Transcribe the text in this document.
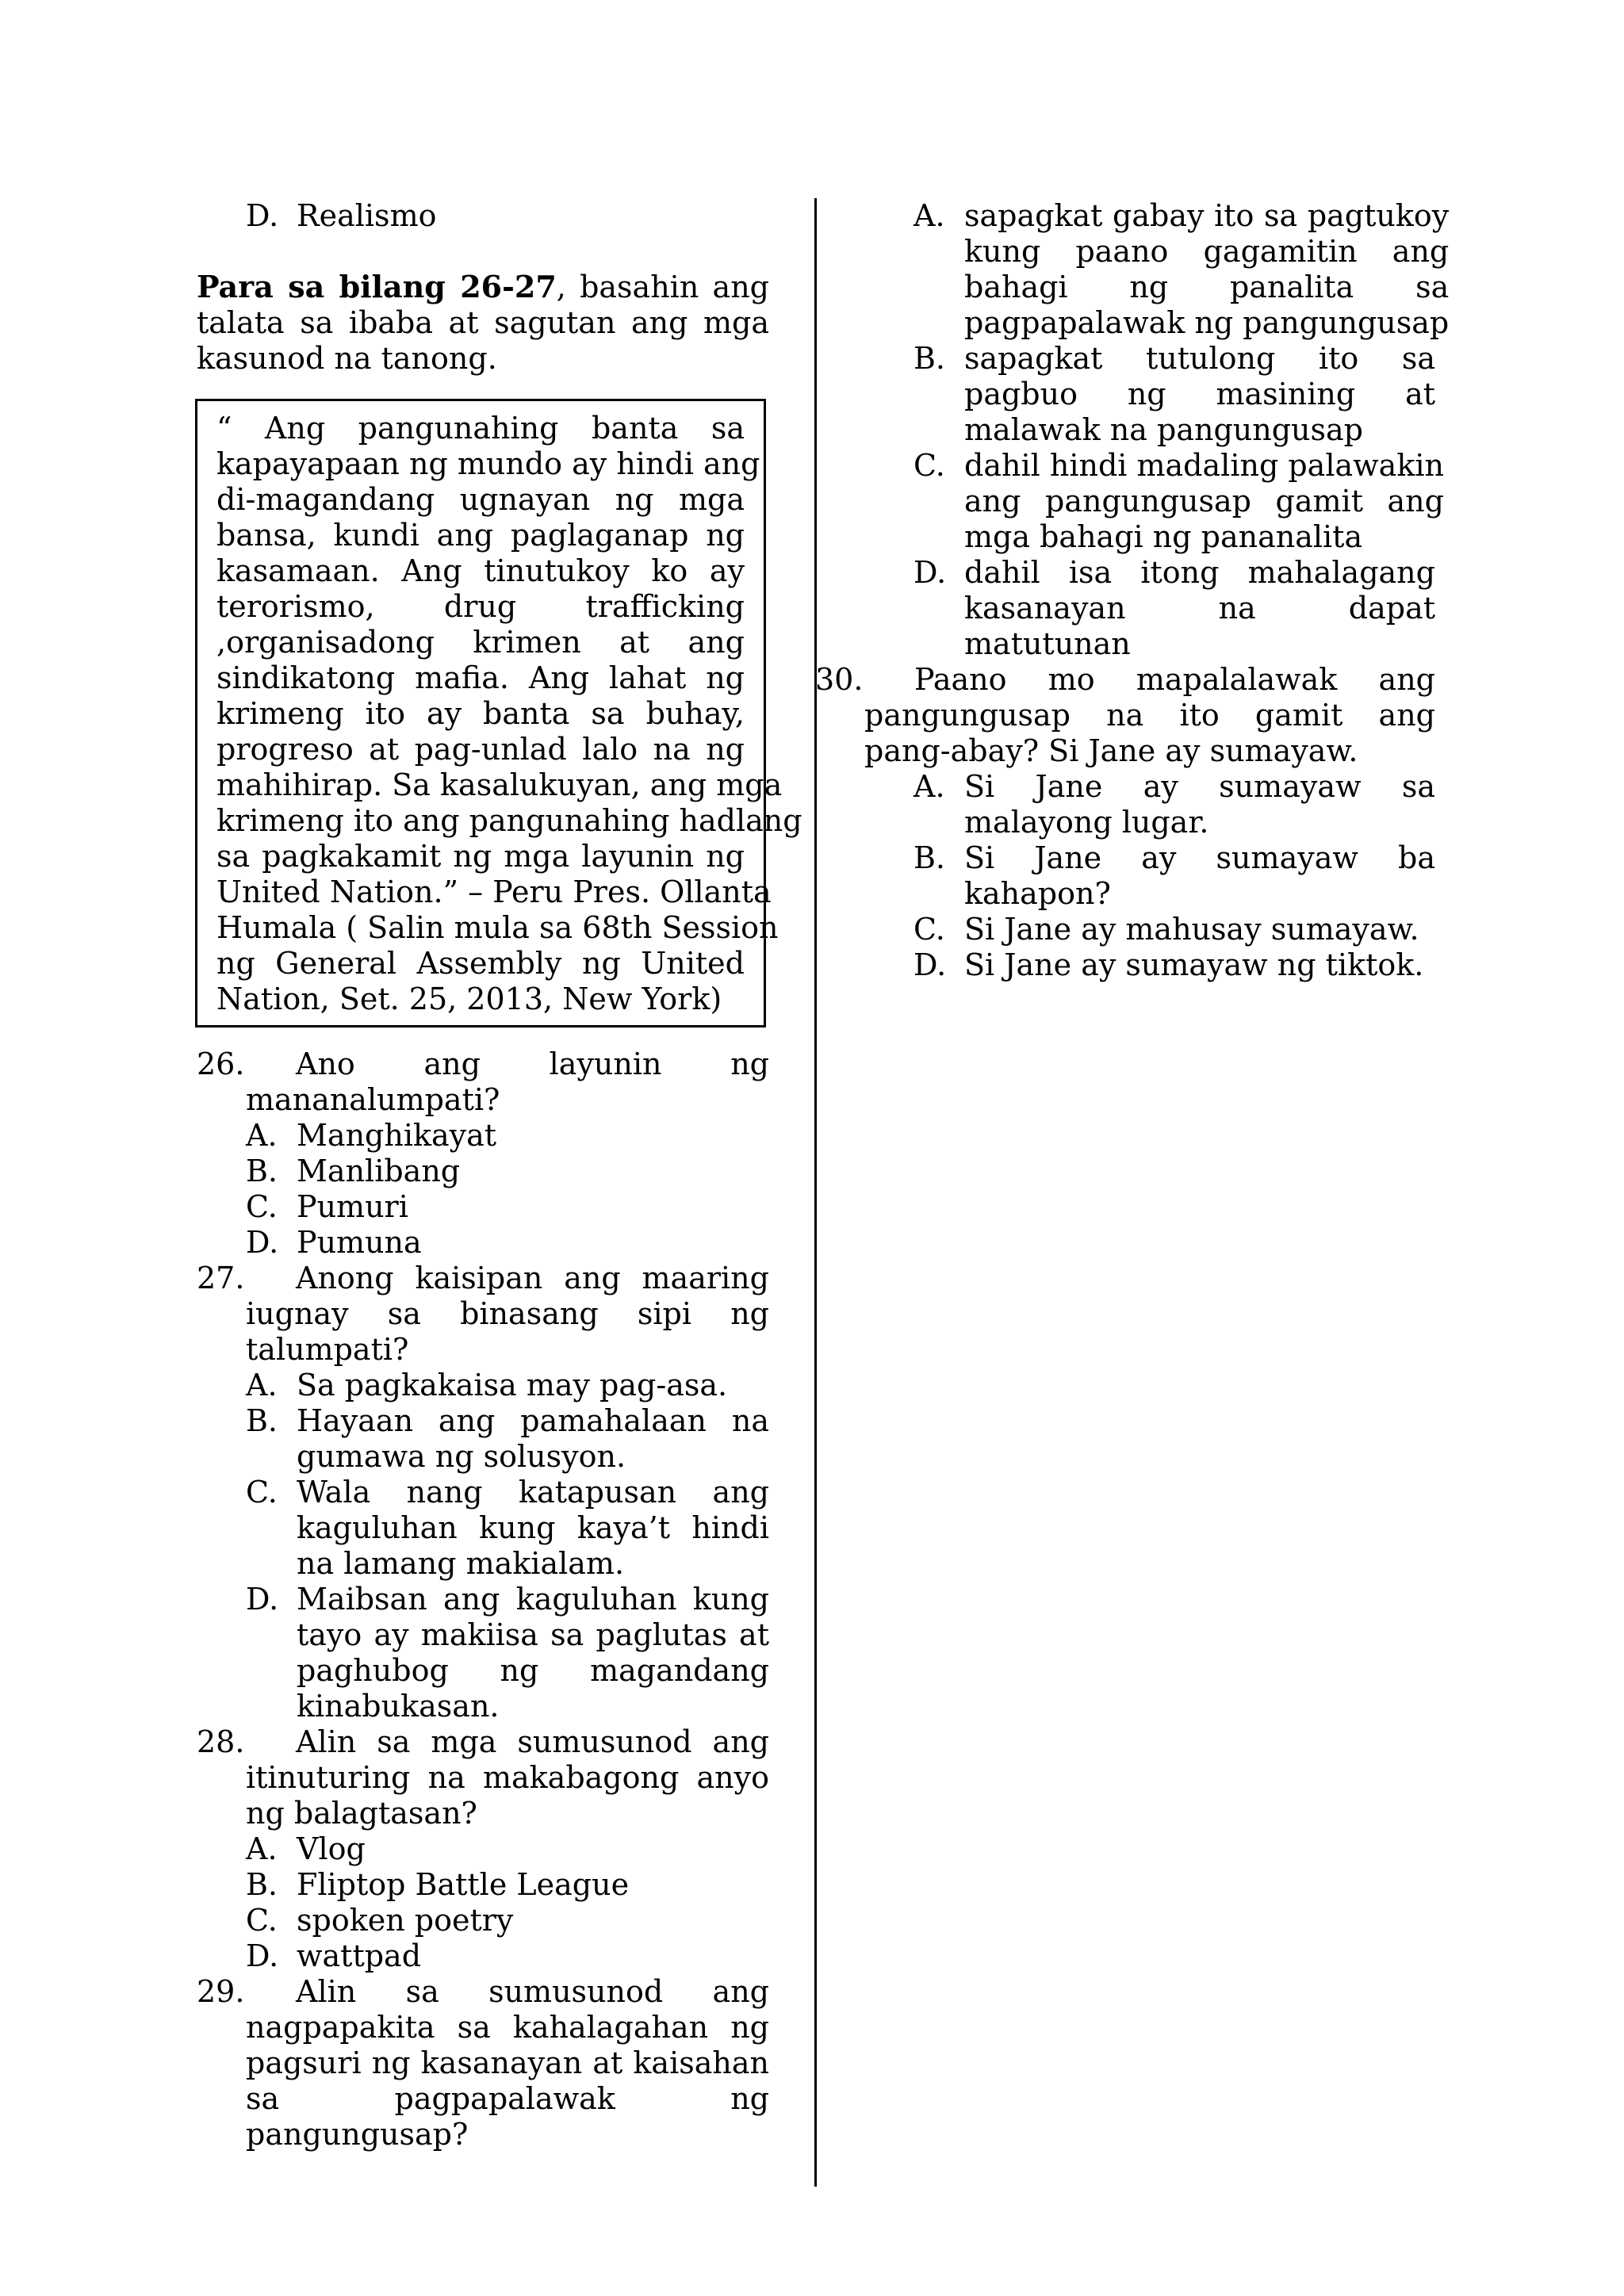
D. Realismo
Para sa bilang 26-27, basahin ang
talata sa ibaba at sagutan ang mga
kasunod na tanong.
“ Ang pangunahing banta sa
kapayapaan ng mundo ay hindi ang
di-magandang ugnayan ng mga
bansa, kundi ang paglaganap ng
kasamaan. Ang tinutukoy ko ay
terorismo, drug trafficking
,organisadong krimen at ang
sindikatong mafia. Ang lahat ng
krimeng ito ay banta sa buhay,
progreso at pag-unlad lalo na ng
mahihirap. Sa kasalukuyan, ang mga
krimeng ito ang pangunahing hadlang
sa pagkakamit ng mga layunin ng
United Nation.” – Peru Pres. Ollanta
Humala ( Salin mula sa 68th Session
ng General Assembly ng United
Nation, Set. 25, 2013, New York)
26.	Ano ang layunin ng
mananalumpati?
A. Manghikayat
B. Manlibang
C. Pumuri
D. Pumuna
27.	Anong kaisipan ang maaring
iugnay sa binasang sipi ng
talumpati?
A. Sa pagkakaisa may pag-asa.
B. Hayaan ang pamahalaan na
gumawa ng solusyon.
C. Wala nang katapusan ang
kaguluhan kung kaya’t hindi
na lamang makialam.
D. Maibsan ang kaguluhan kung
tayo ay makiisa sa paglutas at
paghubog ng magandang
kinabukasan.
28.	Alin sa mga sumusunod ang
itinuturing na makabagong anyo
ng balagtasan?
A. Vlog
B. Fliptop Battle League
C. spoken poetry
D. wattpad
29.	Alin sa sumusunod ang
nagpapakita sa kahalagahan ng
pagsuri ng kasanayan at kaisahan
sa pagpapalawak ng
pangungusap?
A. sapagkat gabay ito sa pagtukoy
kung paano gagamitin ang
bahagi ng panalita sa
pagpapalawak ng pangungusap
B. sapagkat tutulong ito sa
pagbuo ng masining at
malawak na pangungusap
C. dahil hindi madaling palawakin
ang pangungusap gamit ang
mga bahagi ng pananalita
D. dahil isa itong mahalagang
kasanayan na dapat
matutunan
30.	Paano mo mapalalawak ang
pangungusap na ito gamit ang
pang-abay? Si Jane ay sumayaw.
A. Si Jane ay sumayaw sa
malayong lugar.
B. Si Jane ay sumayaw ba
kahapon?
C. Si Jane ay mahusay sumayaw.
D. Si Jane ay sumayaw ng tiktok.
